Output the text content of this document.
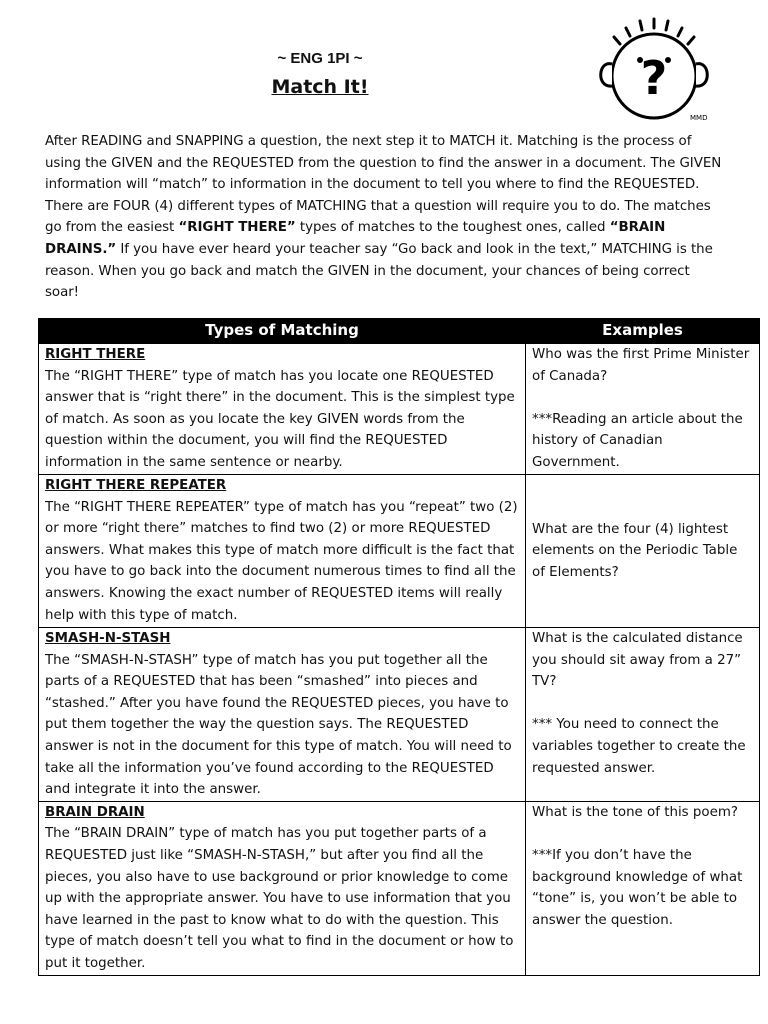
~ ENG 1PI ~
Match It!	?
MMD

After READING and SNAPPING a question, the next step it to MATCH it. Matching is the process of using the GIVEN and the REQUESTED from the question to find the answer in a document. The GIVEN information will “match” to information in the document to tell you where to find the REQUESTED. There are FOUR (4) different types of MATCHING that a question will require you to do. The matches go from the easiest “RIGHT THERE” types of matches to the toughest ones, called “BRAIN DRAINS.” If you have ever heard your teacher say “Go back and look in the text,” MATCHING is the reason. When you go back and match the GIVEN in the document, your chances of being correct soar!

Types of Matching	Examples

RIGHT THERE
The “RIGHT THERE” type of match has you locate one REQUESTED answer that is “right there” in the document. This is the simplest type of match. As soon as you locate the key GIVEN words from the question within the document, you will find the REQUESTED information in the same sentence or nearby.	Who was the first Prime Minister of Canada?
***Reading an article about the history of Canadian Government.

RIGHT THERE REPEATER
The “RIGHT THERE REPEATER” type of match has you “repeat” two (2) or more “right there” matches to find two (2) or more REQUESTED answers. What makes this type of match more difficult is the fact that you have to go back into the document numerous times to find all the answers. Knowing the exact number of REQUESTED items will really help with this type of match.	What are the four (4) lightest elements on the Periodic Table of Elements?

SMASH-N-STASH
The “SMASH-N-STASH” type of match has you put together all the parts of a REQUESTED that has been “smashed” into pieces and “stashed.” After you have found the REQUESTED pieces, you have to put them together the way the question says. The REQUESTED answer is not in the document for this type of match. You will need to take all the information you’ve found according to the REQUESTED and integrate it into the answer.	What is the calculated distance you should sit away from a 27” TV?
*** You need to connect the variables together to create the requested answer.

BRAIN DRAIN
The “BRAIN DRAIN” type of match has you put together parts of a REQUESTED just like “SMASH-N-STASH,” but after you find all the pieces, you also have to use background or prior knowledge to come up with the appropriate answer. You have to use information that you have learned in the past to know what to do with the question. This type of match doesn’t tell you what to find in the document or how to put it together.	What is the tone of this poem?
***If you don’t have the background knowledge of what “tone” is, you won’t be able to answer the question.
